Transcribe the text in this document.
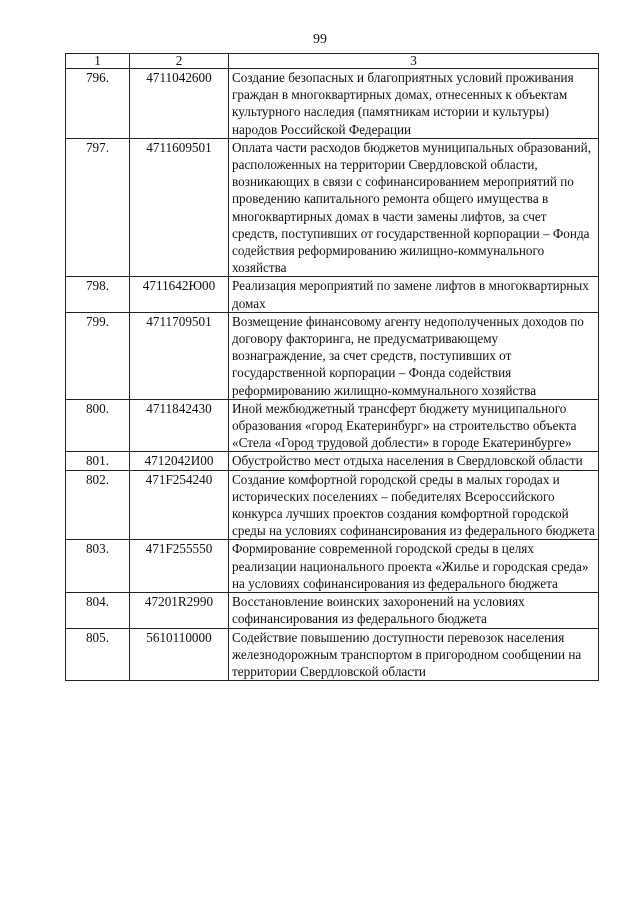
99
1	2	3
796.	4711042600	Создание безопасных и благоприятных условий проживания граждан в многоквартирных домах, отнесенных к объектам культурного наследия (памятникам истории и культуры) народов Российской Федерации
797.	4711609501	Оплата части расходов бюджетов муниципальных образований, расположенных на территории Свердловской области, возникающих в связи с софинансированием мероприятий по проведению капитального ремонта общего имущества в многоквартирных домах в части замены лифтов, за счет средств, поступивших от государственной корпорации – Фонда содействия реформированию жилищно-коммунального хозяйства
798.	4711642Ю00	Реализация мероприятий по замене лифтов в многоквартирных домах
799.	4711709501	Возмещение финансовому агенту недополученных доходов по договору факторинга, не предусматривающему вознаграждение, за счет средств, поступивших от государственной корпорации – Фонда содействия реформированию жилищно-коммунального хозяйства
800.	4711842430	Иной межбюджетный трансферт бюджету муниципального образования «город Екатеринбург» на строительство объекта «Стела «Город трудовой доблести» в городе Екатеринбурге»
801.	4712042И00	Обустройство мест отдыха населения в Свердловской области
802.	471F254240	Создание комфортной городской среды в малых городах и исторических поселениях – победителях Всероссийского конкурса лучших проектов создания комфортной городской среды на условиях софинансирования из федерального бюджета
803.	471F255550	Формирование современной городской среды в целях реализации национального проекта «Жилье и городская среда» на условиях софинансирования из федерального бюджета
804.	47201R2990	Восстановление воинских захоронений на условиях софинансирования из федерального бюджета
805.	5610110000	Содействие повышению доступности перевозок населения железнодорожным транспортом в пригородном сообщении на территории Свердловской области
